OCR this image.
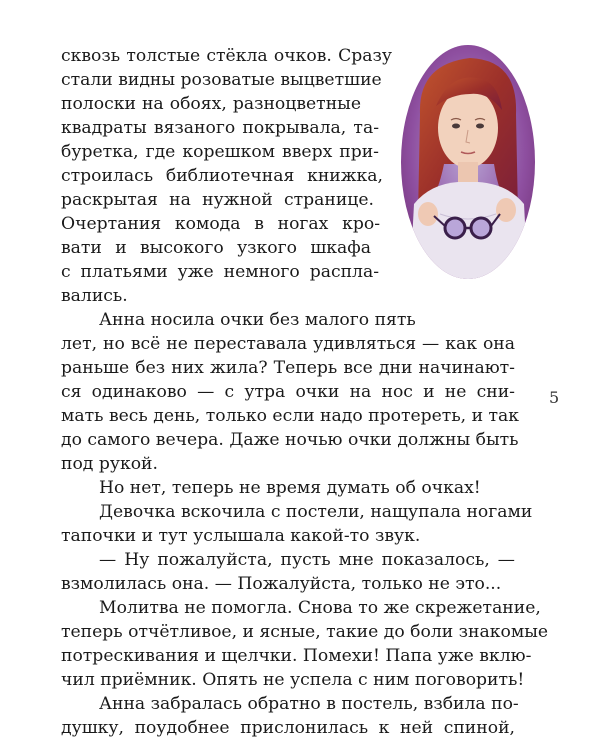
сквозь толстые стёкла очков. Сразу
стали видны розоватые выцветшие
полоски на обоях, разноцветные
квадраты вязаного покрывала, та-
буретка, где корешком вверх при-
строилась библиотечная книжка,
раскрытая на нужной странице.
Очертания комода в ногах кро-
вати и высокого узкого шкафа
с платьями уже немного распла-
вались.
Анна носила очки без малого пять
лет, но всё не переставала удивляться — как она
раньше без них жила? Теперь все дни начинают-
ся одинаково — с утра очки на нос и не сни-
мать весь день, только если надо протереть, и так
до самого вечера. Даже ночью очки должны быть
под рукой.
Но нет, теперь не время думать об очках!
Девочка вскочила с постели, нащупала ногами
тапочки и тут услышала какой-то звук.
— Ну пожалуйста, пусть мне показалось, —
взмолилась она. — Пожалуйста, только не это...
Молитва не помогла. Снова то же скрежетание,
теперь отчётливое, и ясные, такие до боли знакомые
потрескивания и щелчки. Помехи! Папа уже вклю-
чил приёмник. Опять не успела с ним поговорить!
Анна забралась обратно в постель, взбила по-
душку, поудобнее прислонилась к ней спиной,
5
